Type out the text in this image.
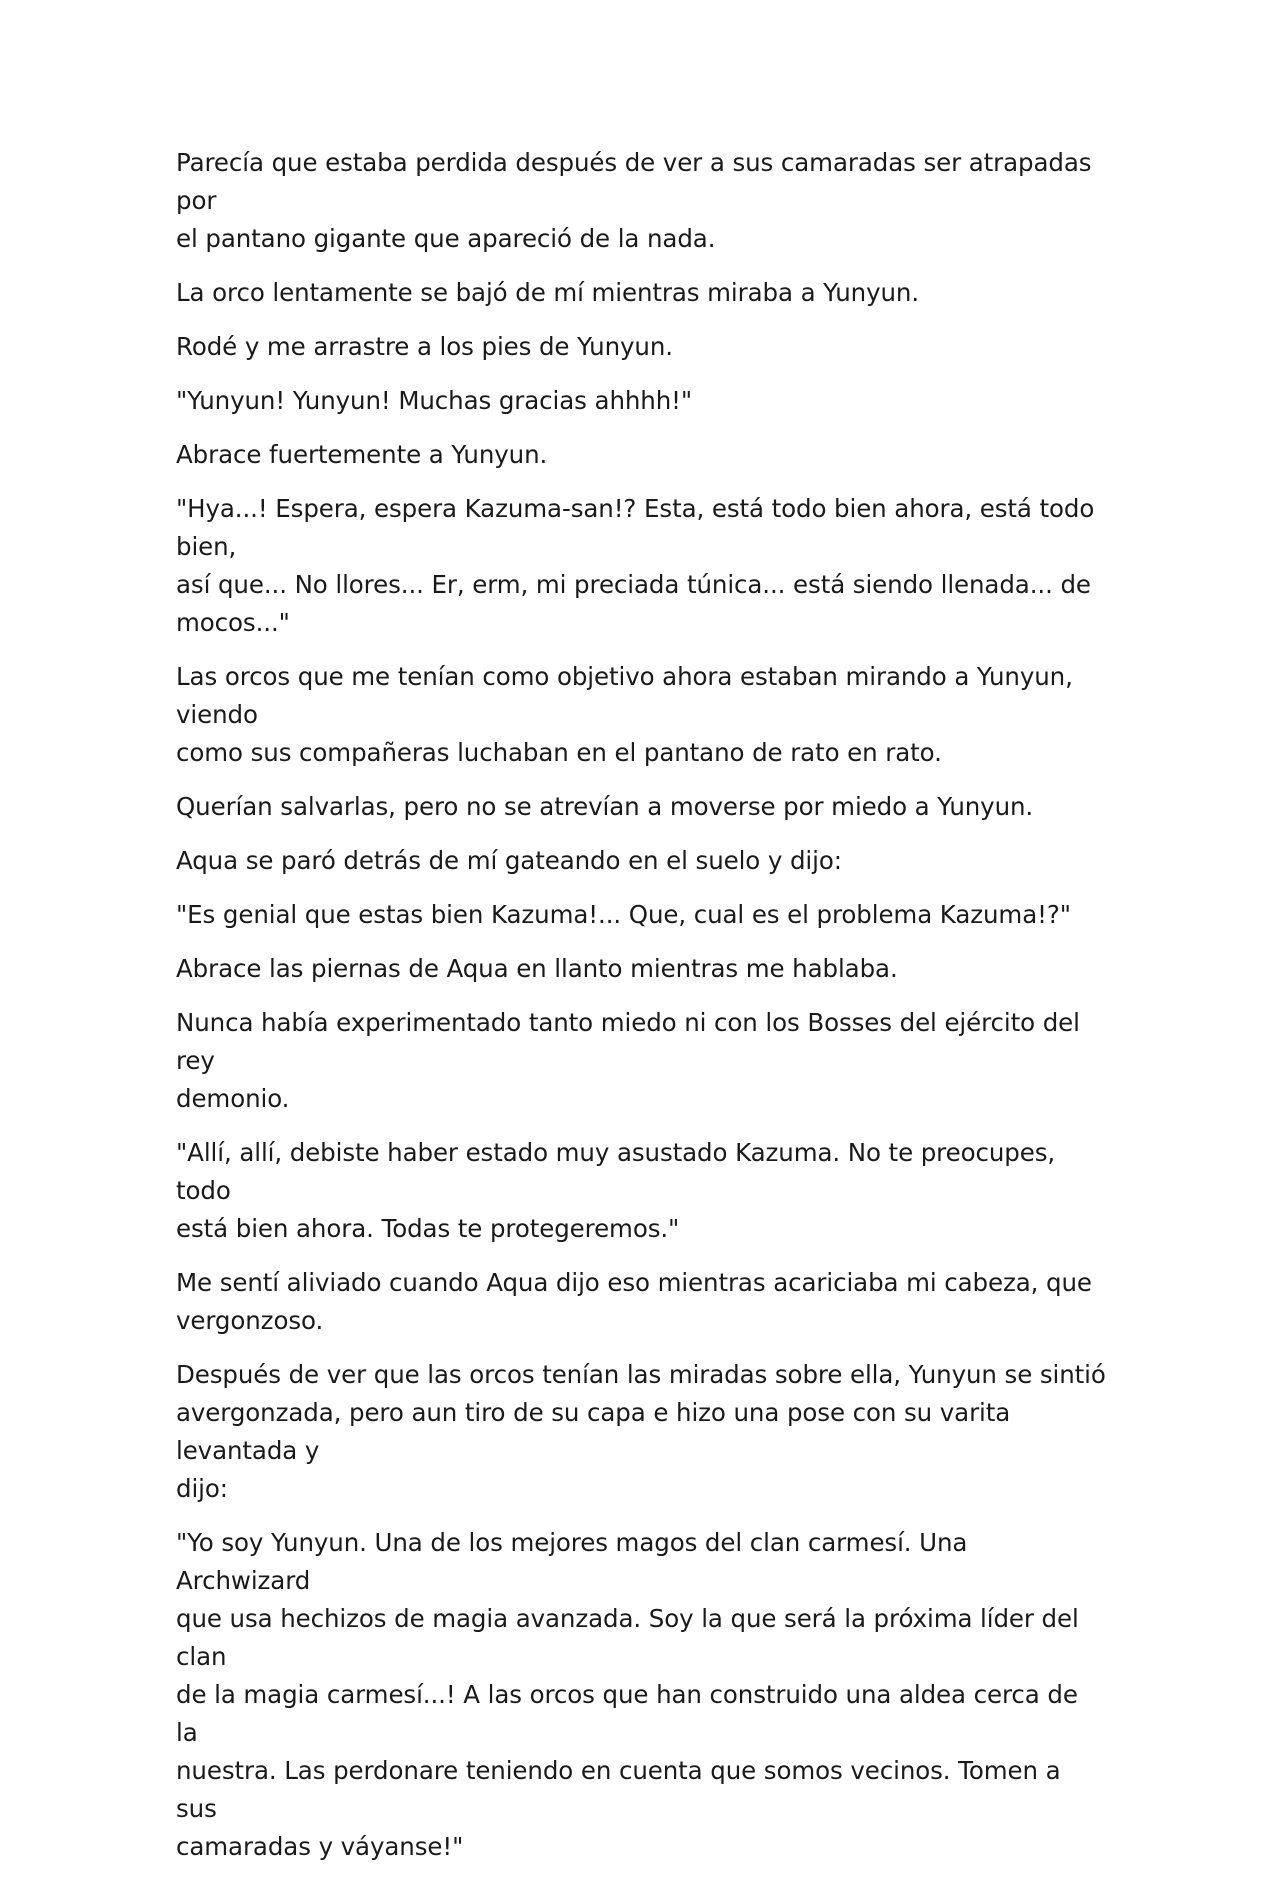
Parecía que estaba perdida después de ver a sus camaradas ser atrapadas por
el pantano gigante que apareció de la nada.

La orco lentamente se bajó de mí mientras miraba a Yunyun.

Rodé y me arrastre a los pies de Yunyun.

"Yunyun! Yunyun! Muchas gracias ahhhh!"

Abrace fuertemente a Yunyun.

"Hya...! Espera, espera Kazuma-san!? Esta, está todo bien ahora, está todo bien,
así que... No llores... Er, erm, mi preciada túnica... está siendo llenada... de
mocos..."

Las orcos que me tenían como objetivo ahora estaban mirando a Yunyun, viendo
como sus compañeras luchaban en el pantano de rato en rato.

Querían salvarlas, pero no se atrevían a moverse por miedo a Yunyun.

Aqua se paró detrás de mí gateando en el suelo y dijo:

"Es genial que estas bien Kazuma!... Que, cual es el problema Kazuma!?"

Abrace las piernas de Aqua en llanto mientras me hablaba.

Nunca había experimentado tanto miedo ni con los Bosses del ejército del rey
demonio.

"Allí, allí, debiste haber estado muy asustado Kazuma. No te preocupes, todo
está bien ahora. Todas te protegeremos."

Me sentí aliviado cuando Aqua dijo eso mientras acariciaba mi cabeza, que
vergonzoso.

Después de ver que las orcos tenían las miradas sobre ella, Yunyun se sintió
avergonzada, pero aun tiro de su capa e hizo una pose con su varita levantada y
dijo:

"Yo soy Yunyun. Una de los mejores magos del clan carmesí. Una Archwizard
que usa hechizos de magia avanzada. Soy la que será la próxima líder del clan
de la magia carmesí...! A las orcos que han construido una aldea cerca de la
nuestra. Las perdonare teniendo en cuenta que somos vecinos. Tomen a sus
camaradas y váyanse!"
